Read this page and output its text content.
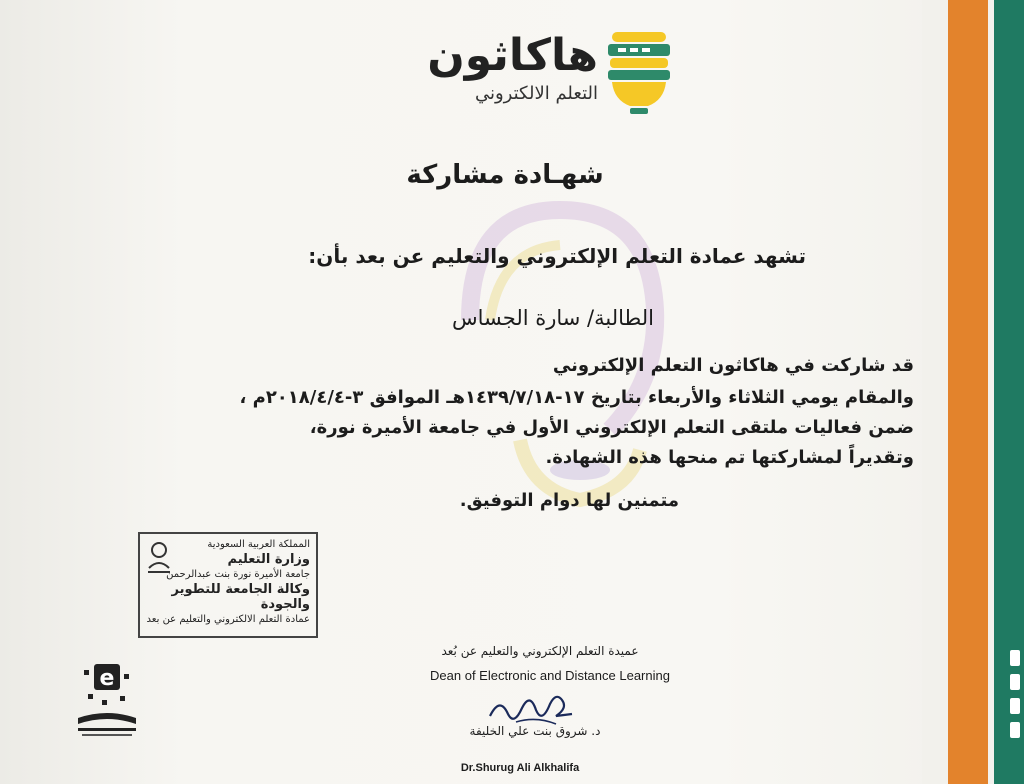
هاكاثون
التعلم الالكتروني
شهـادة مشاركة
تشهد عمادة التعلم الإلكتروني والتعليم عن بعد بأن:
الطالبة/ سارة الجساس
قد شاركت في هاكاثون التعلم الإلكتروني
والمقام يومي الثلاثاء والأربعاء بتاريخ ١٧-١٤٣٩/٧/١٨هـ الموافق ٣-٢٠١٨/٤/٤م ،
ضمن فعاليات ملتقى التعلم الإلكتروني الأول في جامعة الأميرة نورة،
وتقديراً لمشاركتها تم منحها هذه الشهادة.
متمنين لها دوام التوفيق.
المملكة العربية السعودية
وزارة التعليم
جامعة الأميرة نورة بنت عبدالرحمن
وكالة الجامعة للتطوير والجودة
عمادة التعلم الالكتروني والتعليم عن بعد
e
عميدة التعلم الإلكتروني والتعليم عن بُعد
Dean of Electronic and Distance Learning
د. شروق بنت علي الخليفة
Dr.Shurug Ali Alkhalifa
